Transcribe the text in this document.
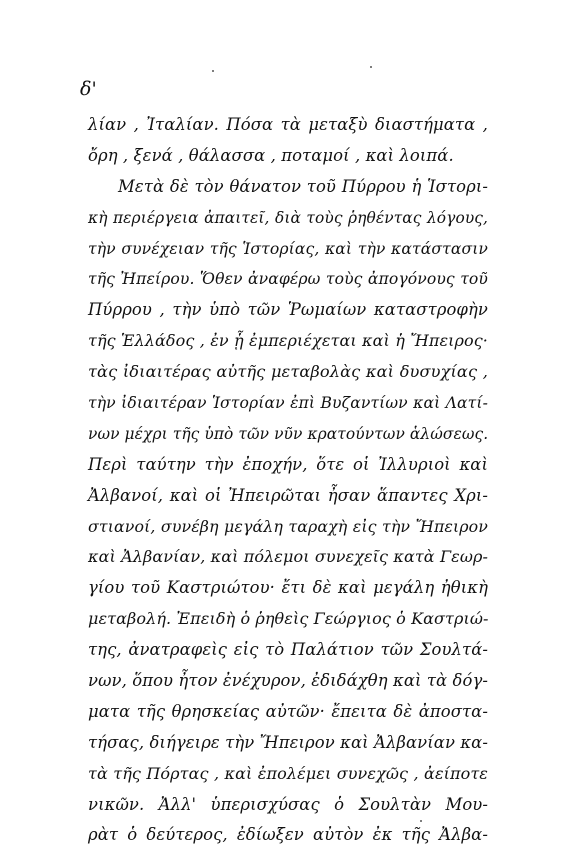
δ'
λίαν , Ἰταλίαν. Πόσα τὰ μεταξὺ διαστήματα ,
ὄρη , ξενά , θάλασσα , ποταμοί , καὶ λοιπά.
Μετὰ δὲ τὸν θάνατον τοῦ Πύρρου ἡ Ἱστορι-
κὴ περιέργεια ἀπαιτεῖ, διὰ τοὺς ῥηθέντας λόγους,
τὴν συνέχειαν τῆς Ἱστορίας, καὶ τὴν κατάστασιν
τῆς Ἠπείρου. Ὅθεν ἀναφέρω τοὺς ἀπογόνους τοῦ
Πύρρου , τὴν ὑπὸ τῶν Ῥωμαίων καταστροφὴν
τῆς Ἑλλάδος , ἐν ᾗ ἐμπεριέχεται καὶ ἡ Ἤπειρος·
τὰς ἰδιαιτέρας αὐτῆς μεταβολὰς καὶ δυσυχίας ,
τὴν ἰδιαιτέραν Ἱστορίαν ἐπὶ Βυζαντίων καὶ Λατί-
νων μέχρι τῆς ὑπὸ τῶν νῦν κρατούντων ἁλώσεως.
Περὶ ταύτην τὴν ἐποχήν, ὅτε οἱ Ἰλλυριοὶ καὶ
Ἀλβανοί, καὶ οἱ Ἠπειρῶται ἦσαν ἅπαντες Χρι-
στιανοί, συνέβη μεγάλη ταραχὴ εἰς τὴν Ἤπειρον
καὶ Ἀλβανίαν, καὶ πόλεμοι συνεχεῖς κατὰ Γεωρ-
γίου τοῦ Καστριώτου· ἔτι δὲ καὶ μεγάλη ἠθικὴ
μεταβολή. Ἐπειδὴ ὁ ῥηθεὶς Γεώργιος ὁ Καστριώ-
της, ἀνατραφεὶς εἰς τὸ Παλάτιον τῶν Σουλτά-
νων, ὅπου ἦτον ἐνέχυρον, ἐδιδάχθη καὶ τὰ δόγ-
ματα τῆς θρησκείας αὐτῶν· ἔπειτα δὲ ἀποστα-
τήσας, διήγειρε τὴν Ἤπειρον καὶ Ἀλβανίαν κα-
τὰ τῆς Πόρτας , καὶ ἐπολέμει συνεχῶς , ἀείποτε
νικῶν. Ἀλλ' ὑπερισχύσας ὁ Σουλτὰν Μου-
ρὰτ ὁ δεύτερος, ἐδίωξεν αὐτὸν ἐκ τῆς Ἀλβα-
